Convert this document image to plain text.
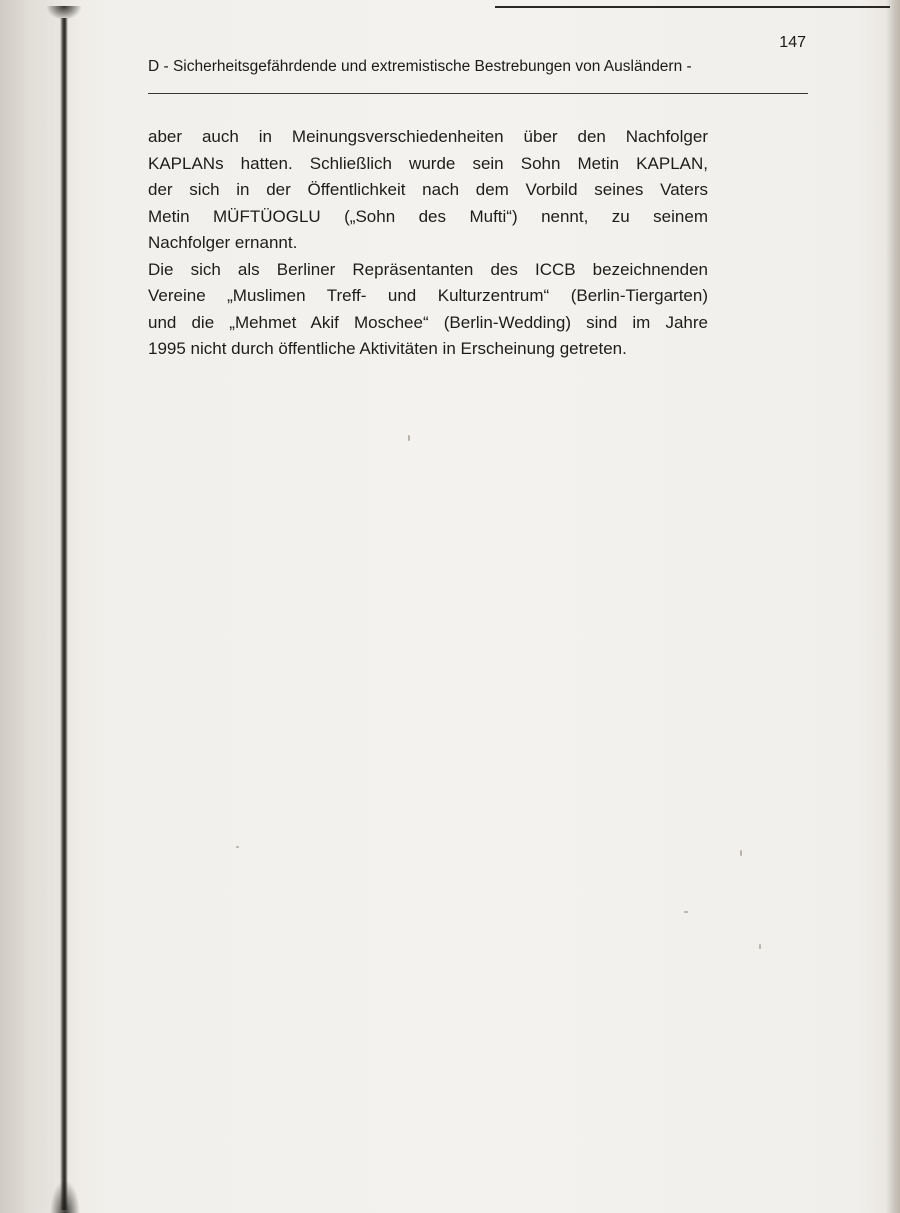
147
D - Sicherheitsgefährdende und extremistische Bestrebungen von Ausländern -

aber auch in Meinungsverschiedenheiten über den Nachfolger
KAPLANs hatten. Schließlich wurde sein Sohn Metin KAPLAN,
der sich in der Öffentlichkeit nach dem Vorbild seines Vaters
Metin MÜFTÜOGLU („Sohn des Mufti“) nennt, zu seinem
Nachfolger ernannt.

Die sich als Berliner Repräsentanten des ICCB bezeichnenden
Vereine „Muslimen Treff- und Kulturzentrum“ (Berlin-Tiergarten)
und die „Mehmet Akif Moschee“ (Berlin-Wedding) sind im Jahre
1995 nicht durch öffentliche Aktivitäten in Erscheinung getreten.
